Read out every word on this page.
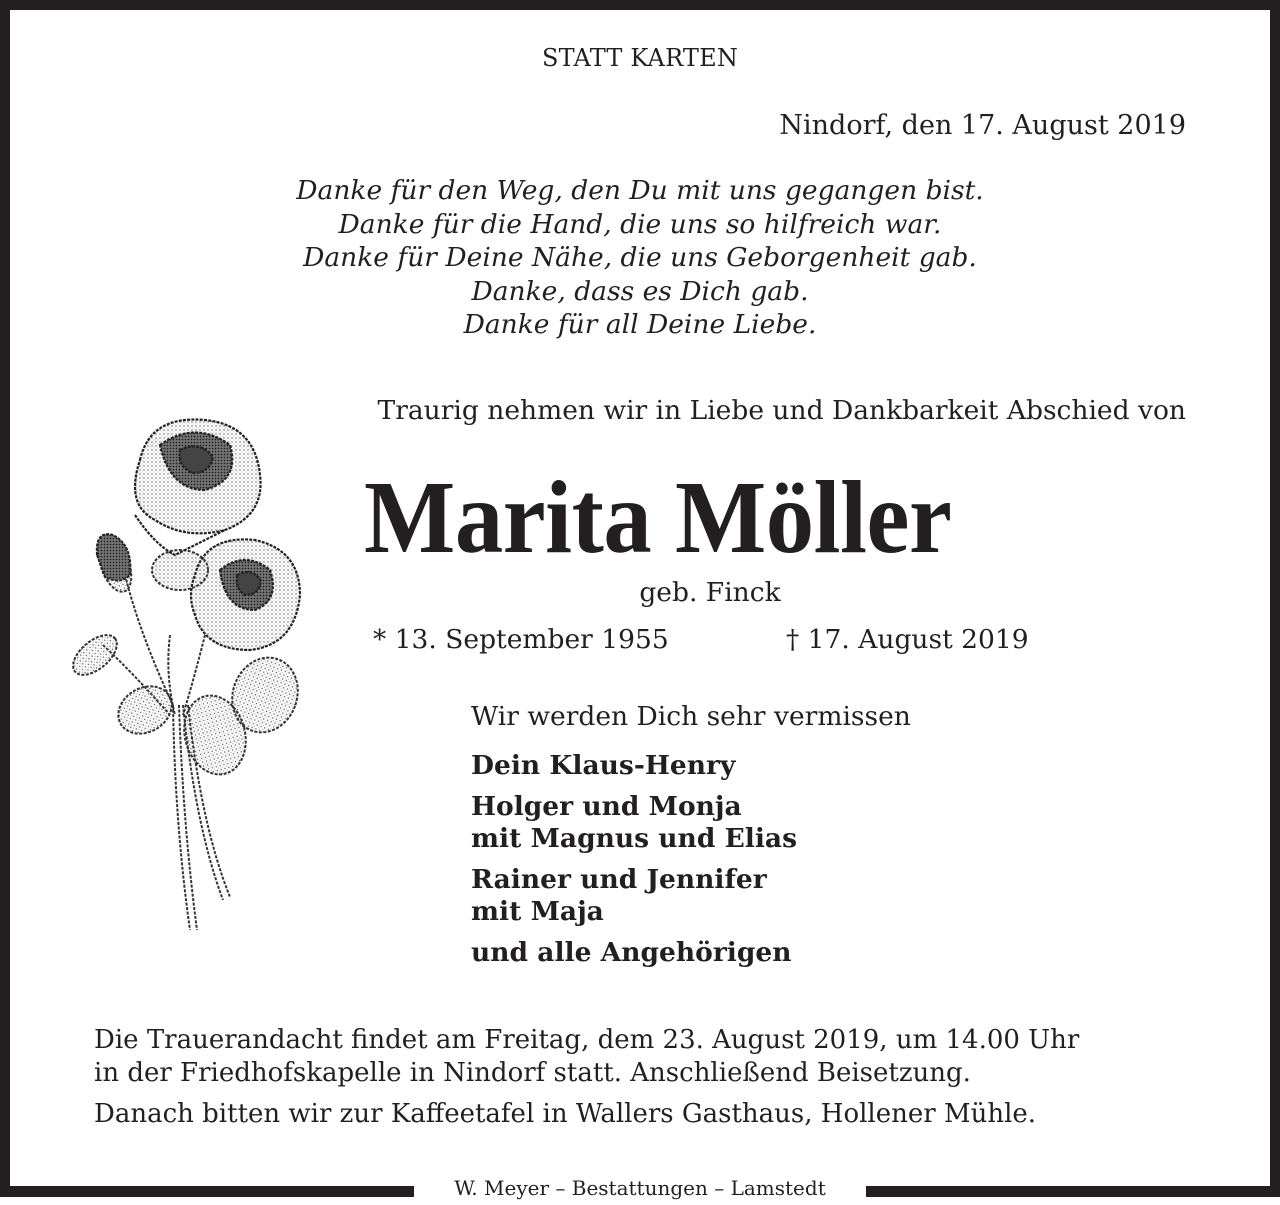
STATT KARTEN
Nindorf, den 17. August 2019
Danke für den Weg, den Du mit uns gegangen bist.
Danke für die Hand, die uns so hilfreich war.
Danke für Deine Nähe, die uns Geborgenheit gab.
Danke, dass es Dich gab.
Danke für all Deine Liebe.
Traurig nehmen wir in Liebe und Dankbarkeit Abschied von
Marita Möller
geb. Finck
* 13. September 1955	† 17. August 2019
Wir werden Dich sehr vermissen
Dein Klaus-Henry
Holger und Monja
mit Magnus und Elias
Rainer und Jennifer
mit Maja
und alle Angehörigen

Die Trauerandacht findet am Freitag, dem 23. August 2019, um 14.00 Uhr

in der Friedhofskapelle in Nindorf statt. Anschließend Beisetzung.

Danach bitten wir zur Kaffeetafel in Wallers Gasthaus, Hollener Mühle.

W. Meyer – Bestattungen – Lamstedt
